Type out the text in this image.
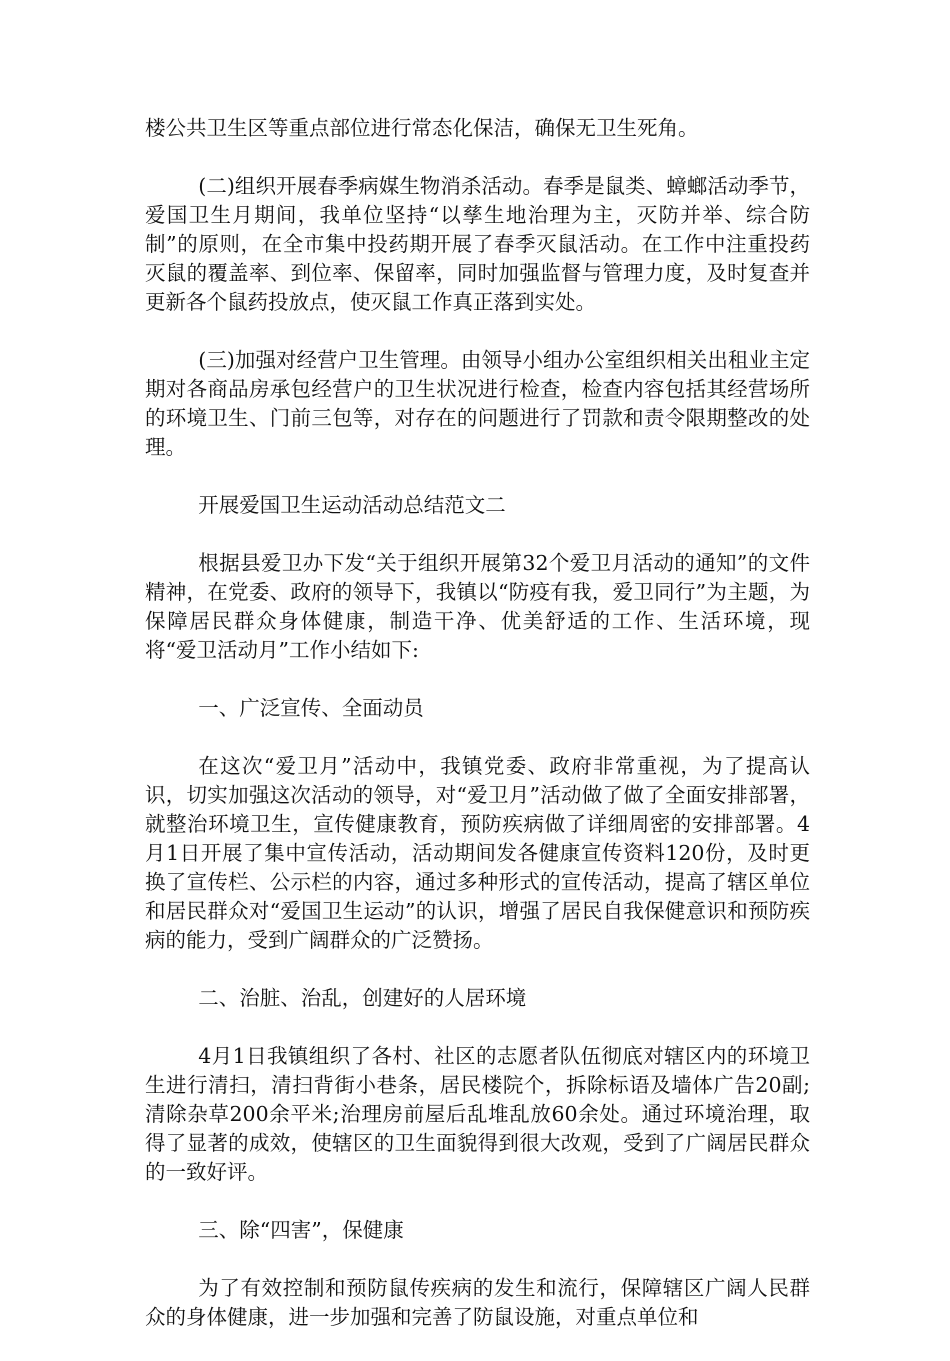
楼公共卫生区等重点部位进行常态化保洁，确保无卫生死角。

(二)组织开展春季病媒生物消杀活动。春季是鼠类、蟑螂活动季节，爱国卫生月期间，我单位坚持“以孳生地治理为主，灭防并举、综合防制”的原则，在全市集中投药期开展了春季灭鼠活动。在工作中注重投药灭鼠的覆盖率、到位率、保留率，同时加强监督与管理力度，及时复查并更新各个鼠药投放点，使灭鼠工作真正落到实处。

(三)加强对经营户卫生管理。由领导小组办公室组织相关出租业主定期对各商品房承包经营户的卫生状况进行检查，检查内容包括其经营场所的环境卫生、门前三包等，对存在的问题进行了罚款和责令限期整改的处理。

开展爱国卫生运动活动总结范文二

根据县爱卫办下发“关于组织开展第32个爱卫月活动的通知”的文件精神，在党委、政府的领导下，我镇以“防疫有我，爱卫同行”为主题，为保障居民群众身体健康，制造干净、优美舒适的工作、生活环境，现将“爱卫活动月”工作小结如下:

一、广泛宣传、全面动员

在这次“爱卫月”活动中，我镇党委、政府非常重视，为了提高认识，切实加强这次活动的领导，对“爱卫月”活动做了做了全面安排部署，就整治环境卫生，宣传健康教育，预防疾病做了详细周密的安排部署。4月1日开展了集中宣传活动，活动期间发各健康宣传资料120份，及时更换了宣传栏、公示栏的内容，通过多种形式的宣传活动，提高了辖区单位和居民群众对“爱国卫生运动”的认识，增强了居民自我保健意识和预防疾病的能力，受到广阔群众的广泛赞扬。

二、治脏、治乱，创建好的人居环境

4月1日我镇组织了各村、社区的志愿者队伍彻底对辖区内的环境卫生进行清扫，清扫背街小巷条，居民楼院个，拆除标语及墙体广告20副;清除杂草200余平米;治理房前屋后乱堆乱放60余处。通过环境治理，取得了显著的成效，使辖区的卫生面貌得到很大改观，受到了广阔居民群众的一致好评。

三、除“四害”，保健康

为了有效控制和预防鼠传疾病的发生和流行，保障辖区广阔人民群众的身体健康，进一步加强和完善了防鼠设施，对重点单位和
